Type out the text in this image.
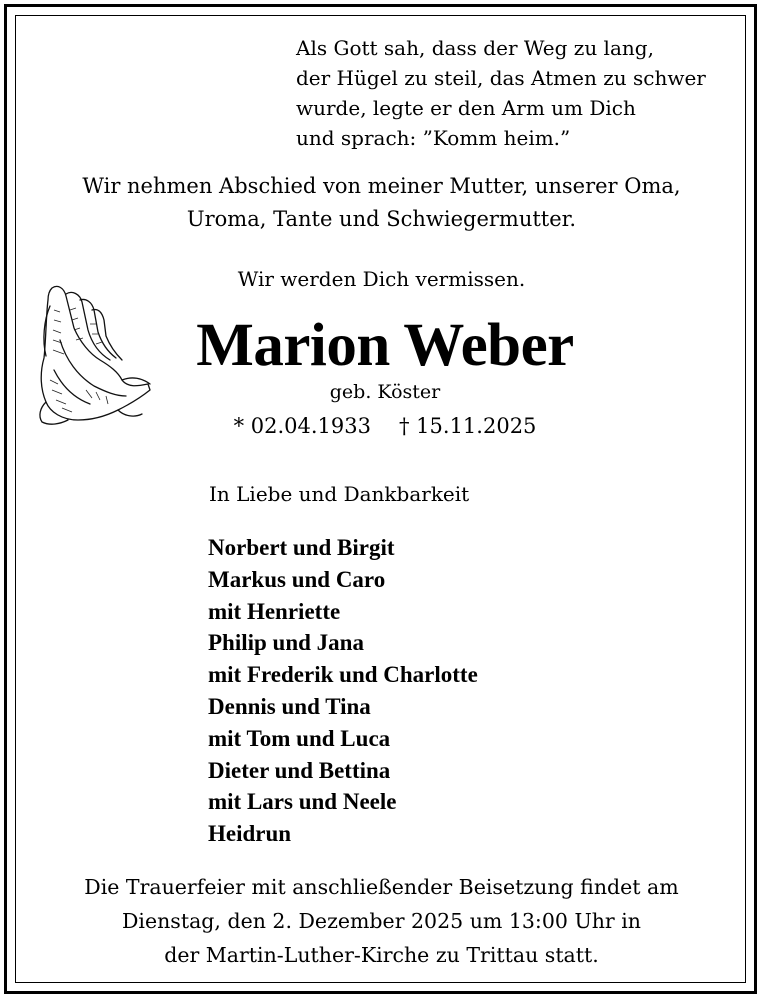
Als Gott sah, dass der Weg zu lang,
der Hügel zu steil, das Atmen zu schwer
wurde, legte er den Arm um Dich
und sprach: ”Komm heim.”
Wir nehmen Abschied von meiner Mutter, unserer Oma,
Uroma, Tante und Schwiegermutter.
Wir werden Dich vermissen.
Marion Weber
geb. Köster
* 02.04.1933 † 15.11.2025
In Liebe und Dankbarkeit
Norbert und Birgit
Markus und Caro
mit Henriette
Philip und Jana
mit Frederik und Charlotte
Dennis und Tina
mit Tom und Luca
Dieter und Bettina
mit Lars und Neele
Heidrun
Die Trauerfeier mit anschließender Beisetzung findet am
Dienstag, den 2. Dezember 2025 um 13:00 Uhr in
der Martin-Luther-Kirche zu Trittau statt.
